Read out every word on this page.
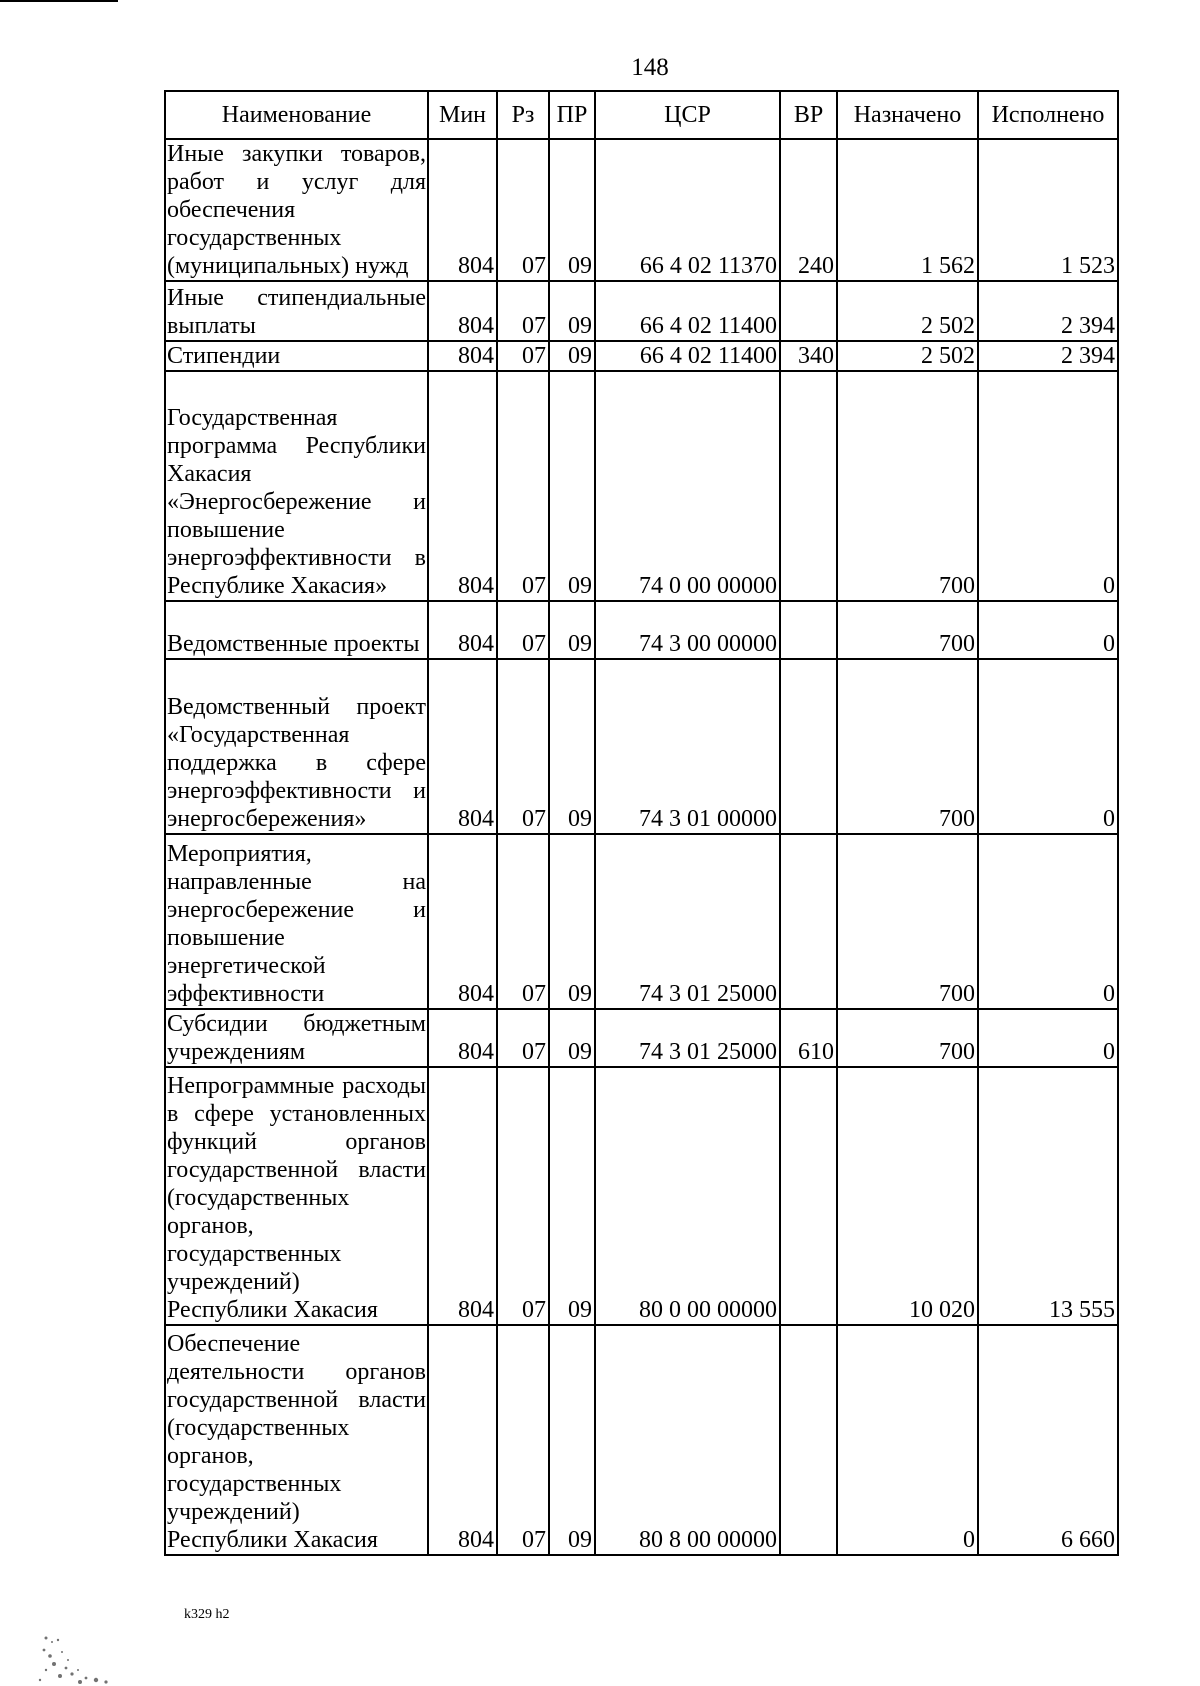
148
Наименование	Мин	Рз	ПР	ЦСР	ВР	Назначено	Исполнено
Иные закупки товаров, работ и услуг для обеспечения государственных (муниципальных) нужд	804	07	09	66 4 02 11370	240	1 562	1 523
Иные стипендиальные выплаты	804	07	09	66 4 02 11400		2 502	2 394
Стипендии	804	07	09	66 4 02 11400	340	2 502	2 394
Государственная программа Республики Хакасия «Энергосбережение и повышение энергоэффективности в Республике Хакасия»	804	07	09	74 0 00 00000		700	0
Ведомственные проекты	804	07	09	74 3 00 00000		700	0
Ведомственный проект «Государственная поддержка в сфере энергоэффективности и энергосбережения»	804	07	09	74 3 01 00000		700	0
Мероприятия, направленные на энергосбережение и повышение энергетической эффективности	804	07	09	74 3 01 25000		700	0
Субсидии бюджетным учреждениям	804	07	09	74 3 01 25000	610	700	0
Непрограммные расходы в сфере установленных функций органов государственной власти (государственных органов, государственных учреждений) Республики Хакасия	804	07	09	80 0 00 00000		10 020	13 555
Обеспечение деятельности органов государственной власти (государственных органов, государственных учреждений) Республики Хакасия	804	07	09	80 8 00 00000		0	6 660
k329 h2
